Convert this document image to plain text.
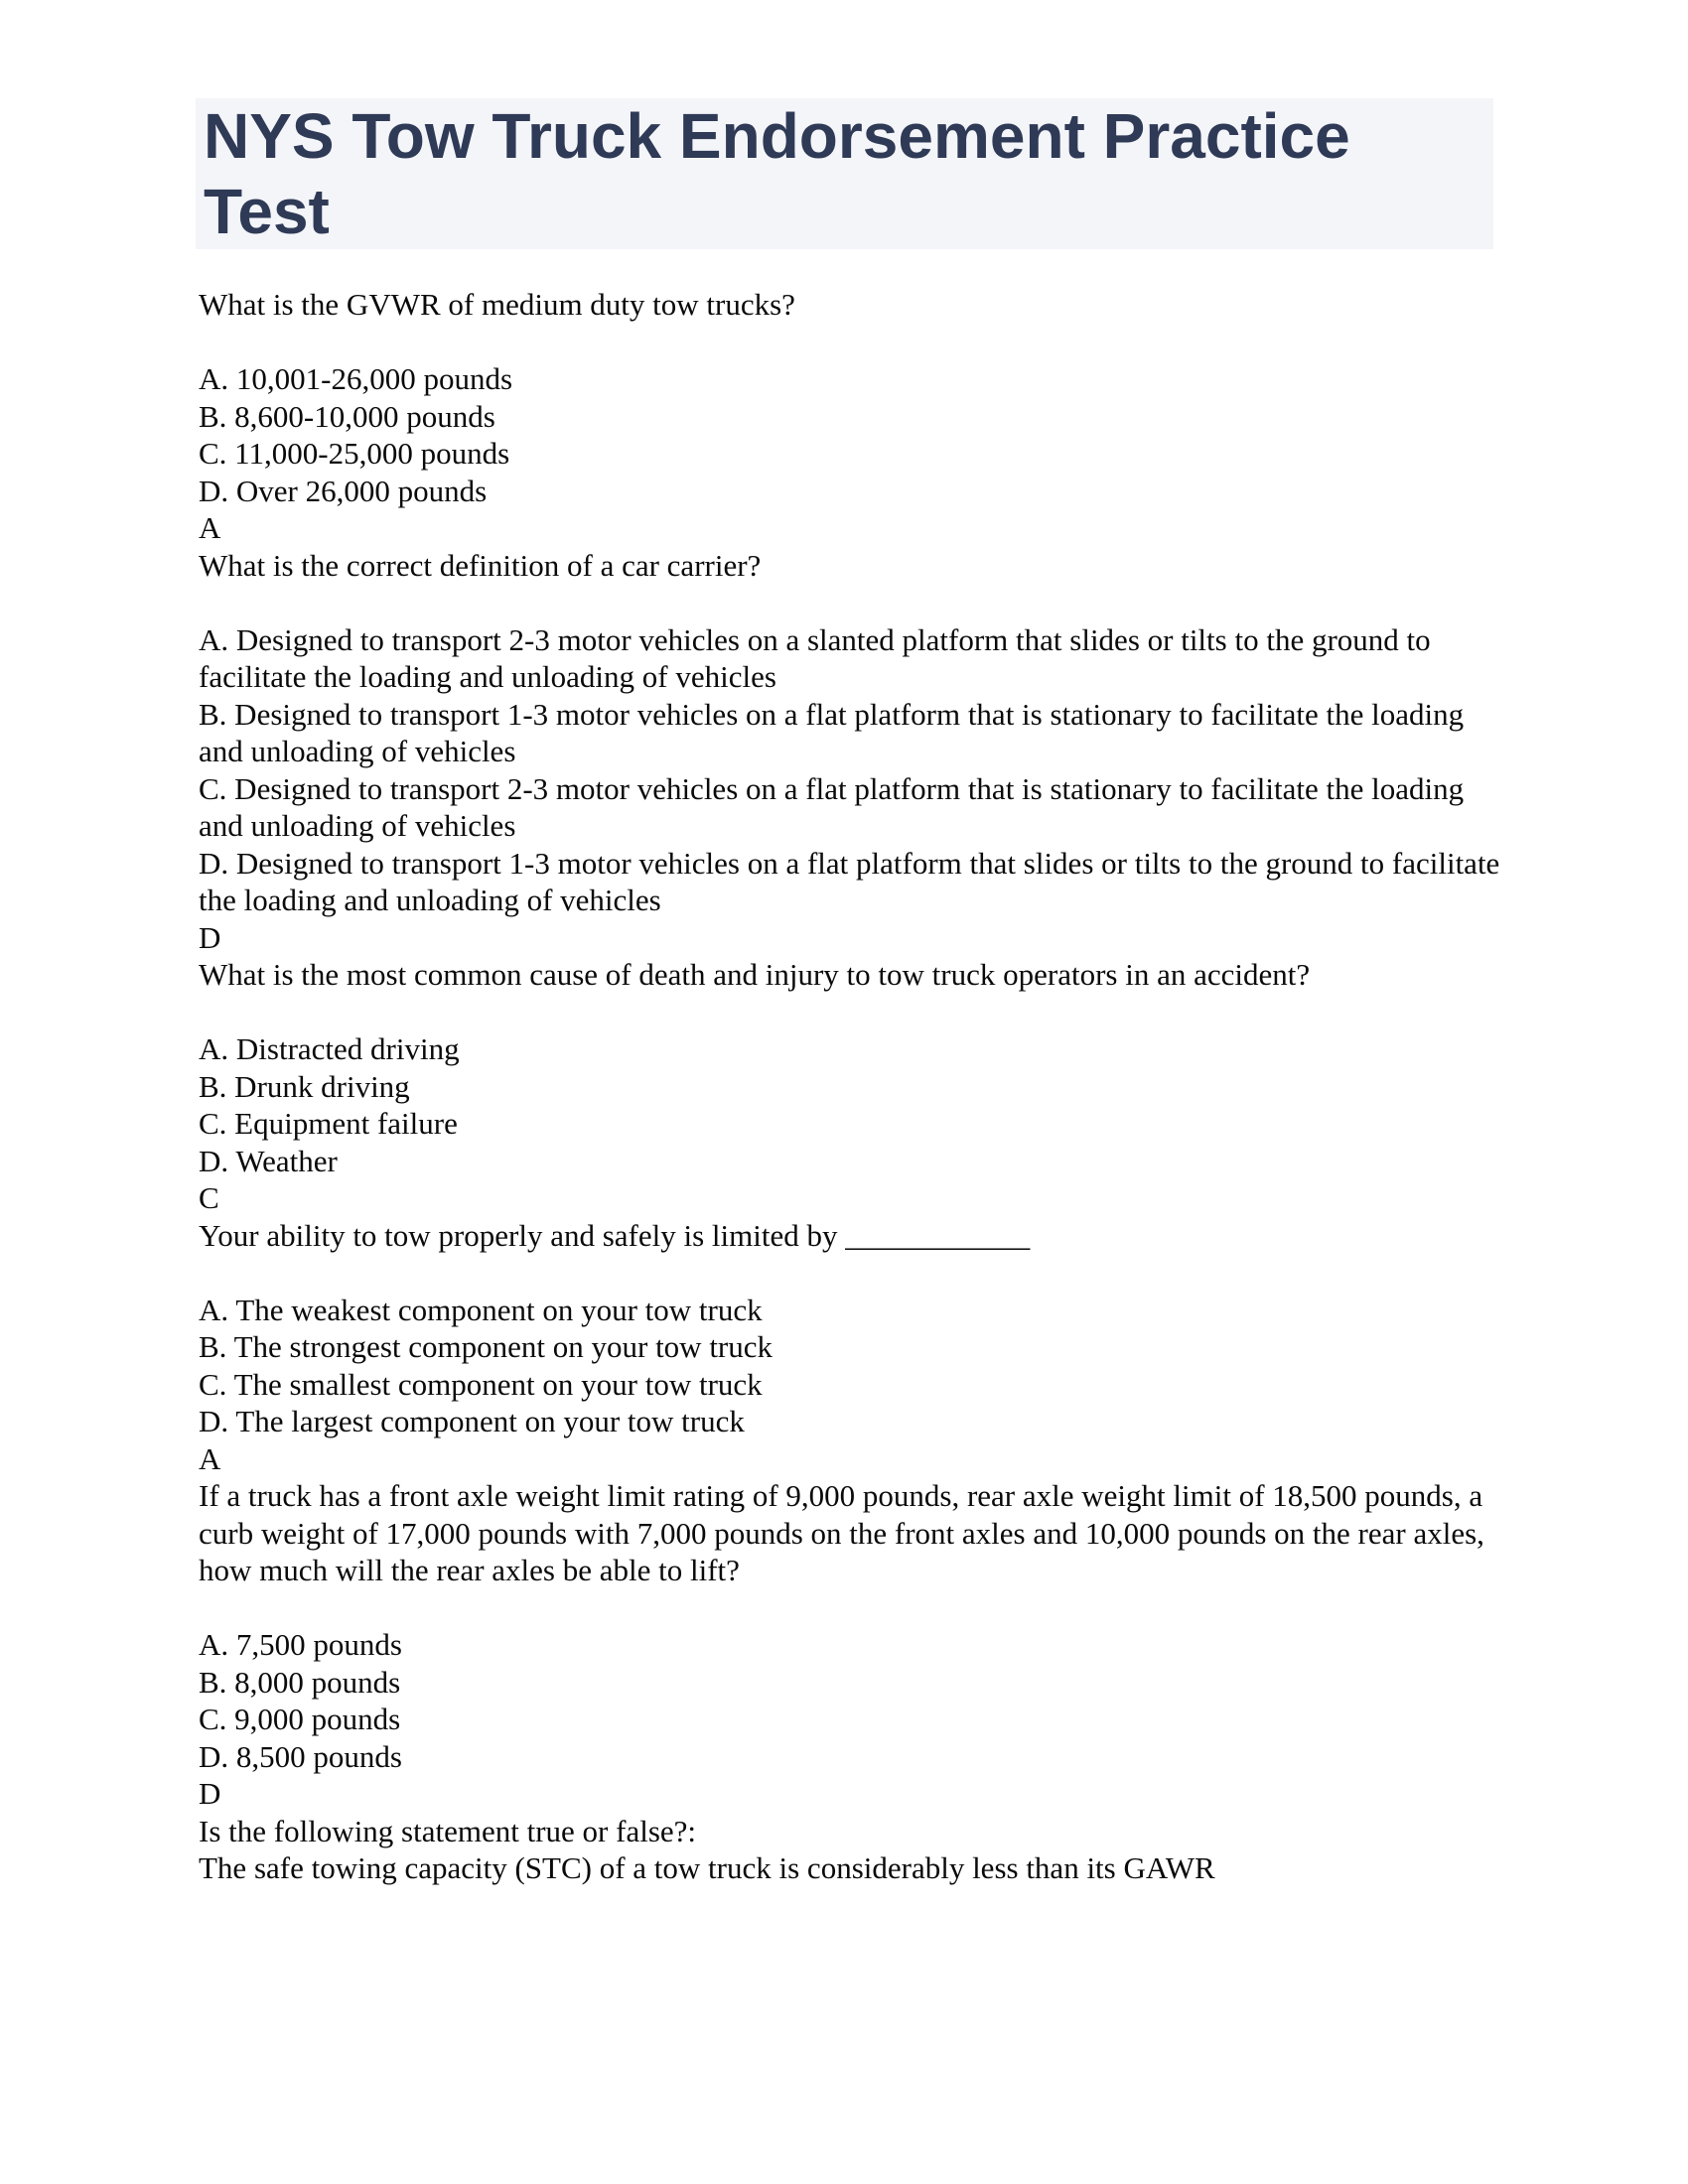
NYS Tow Truck Endorsement Practice
Test
What is the GVWR of medium duty tow trucks?
A. 10,001-26,000 pounds
B. 8,600-10,000 pounds
C. 11,000-25,000 pounds
D. Over 26,000 pounds
A
What is the correct definition of a car carrier?
A. Designed to transport 2-3 motor vehicles on a slanted platform that slides or tilts to the ground to facilitate the loading and unloading of vehicles
B. Designed to transport 1-3 motor vehicles on a flat platform that is stationary to facilitate the loading and unloading of vehicles
C. Designed to transport 2-3 motor vehicles on a flat platform that is stationary to facilitate the loading and unloading of vehicles
D. Designed to transport 1-3 motor vehicles on a flat platform that slides or tilts to the ground to facilitate the loading and unloading of vehicles
D
What is the most common cause of death and injury to tow truck operators in an accident?
A. Distracted driving
B. Drunk driving
C. Equipment failure
D. Weather
C
Your ability to tow properly and safely is limited by ____________
A. The weakest component on your tow truck
B. The strongest component on your tow truck
C. The smallest component on your tow truck
D. The largest component on your tow truck
A
If a truck has a front axle weight limit rating of 9,000 pounds, rear axle weight limit of 18,500 pounds, a curb weight of 17,000 pounds with 7,000 pounds on the front axles and 10,000 pounds on the rear axles, how much will the rear axles be able to lift?
A. 7,500 pounds
B. 8,000 pounds
C. 9,000 pounds
D. 8,500 pounds
D
Is the following statement true or false?:
The safe towing capacity (STC) of a tow truck is considerably less than its GAWR
